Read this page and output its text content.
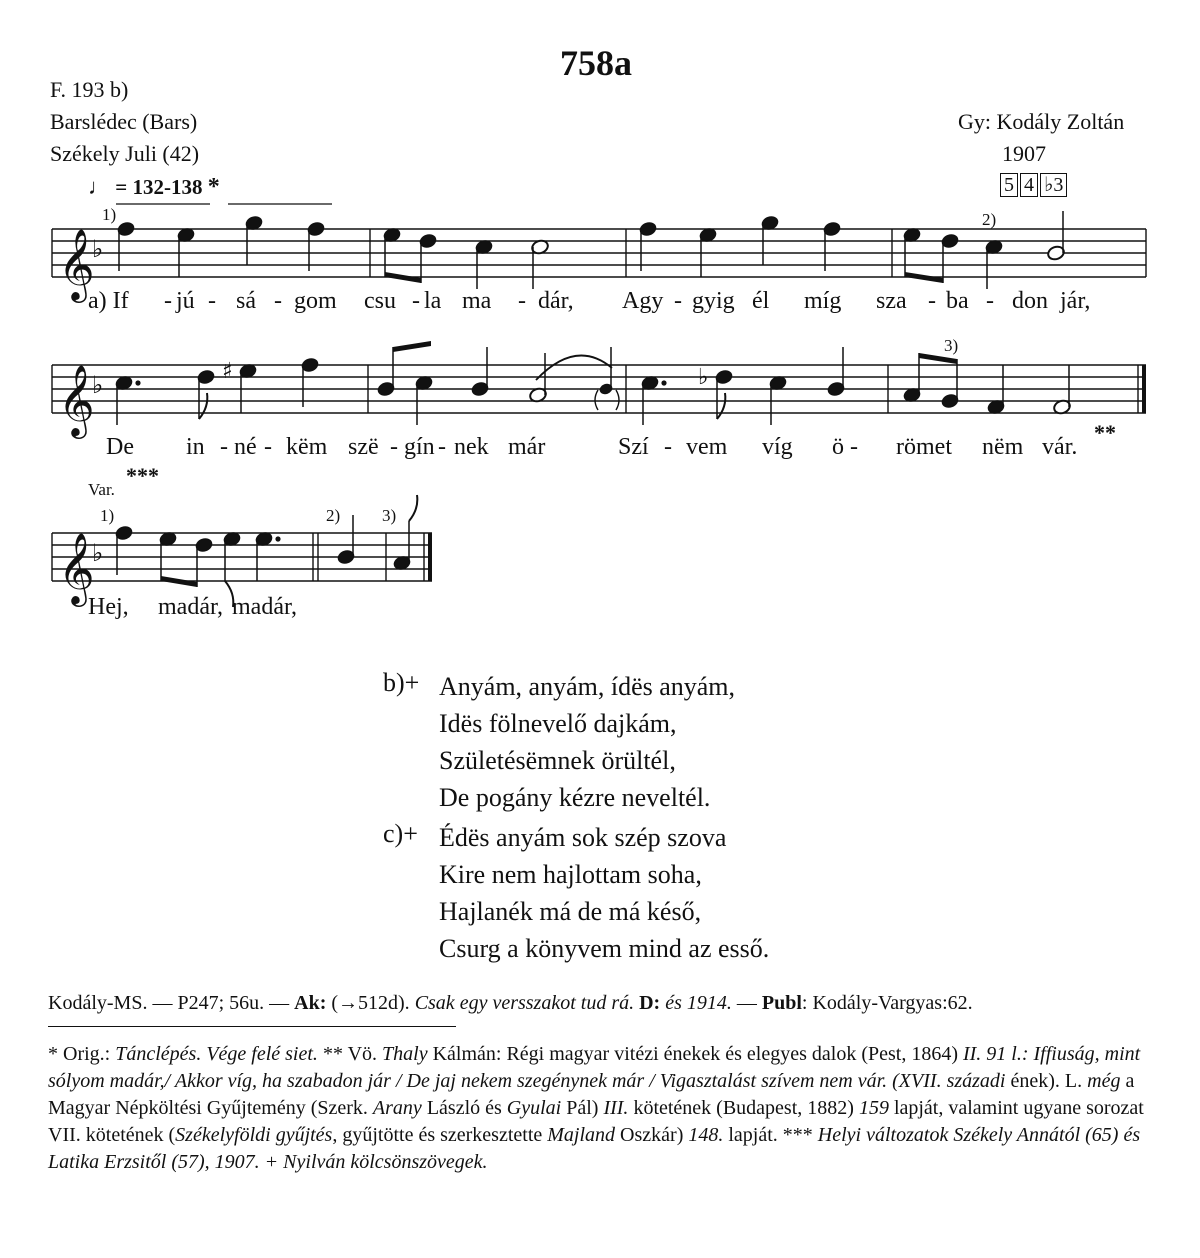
758a
F. 193 b)
Barslédec (Bars)
Székely Juli (42)
Gy: Kodály Zoltán
1907
5 4 ♭3
♩ = 132-138 *
1)	2)
3)
Var.
***
**
1)	2) 3)
𝄞
♭
𝄞
♭
𝄞
♭
♯	♭
a) If - jú - sá - gom csu - la ma - dár, Agy - gyig él míg sza - ba - don jár,
De in - né - këm szë - gín - nek már	Szí - vem víg ö - römet nëm vár.
Hej, madár, madár,
b)+ Anyám, anyám, ídës anyám,
Idës fölnevelő dajkám,
Születésëmnek örültél,
De pogány kézre neveltél.
c)+ Édës anyám sok szép szova
Kire nem hajlottam soha,
Hajlanék má de má késő,
Csurg a könyvem mind az esső.
Kodály-MS. — P247; 56u. — Ak: (→512d). Csak egy versszakot tud rá. D: és 1914. — Publ: Kodály-Vargyas:62.
* Orig.: Tánclépés. Vége felé siet. ** Vö. Thaly Kálmán: Régi magyar vitézi énekek és elegyes dalok (Pest, 1864) II. 91 l.: Iffiuság, mint sólyom madár,/ Akkor víg, ha szabadon jár / De jaj nekem szegénynek már / Vigasztalást szívem nem vár. (XVII. századi ének). L. még a Magyar Népköltési Gyűjtemény (Szerk. Arany László és Gyulai Pál) III. kötetének (Budapest, 1882) 159 lapját, valamint ugyane sorozat VII. kötetének (Székelyföldi gyűjtés, gyűjtötte és szerkesztette Majland Oszkár) 148. lapját. *** Helyi változatok Székely Annától (65) és Latika Erzsitől (57), 1907. + Nyilván kölcsönszövegek.
